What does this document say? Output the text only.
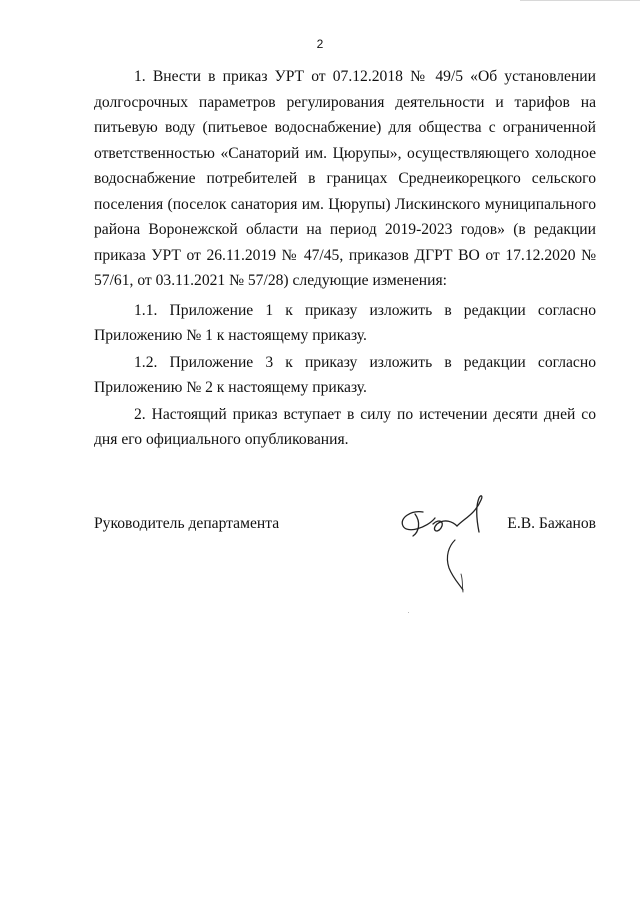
2

1. Внести в приказ УРТ от 07.12.2018 № 49/5 «Об установлении долгосрочных параметров регулирования деятельности и тарифов на питьевую воду (питьевое водоснабжение) для общества с ограниченной ответственностью «Санаторий им. Цюрупы», осуществляющего холодное водоснабжение потребителей в границах Среднеикорецкого сельского поселения (поселок санатория им. Цюрупы) Лискинского муниципального района Воронежской области на период 2019-2023 годов» (в редакции приказа УРТ от 26.11.2019 № 47/45, приказов ДГРТ ВО от 17.12.2020 № 57/61, от 03.11.2021 № 57/28) следующие изменения:

1.1. Приложение 1 к приказу изложить в редакции согласно Приложению № 1 к настоящему приказу.

1.2. Приложение 3 к приказу изложить в редакции согласно Приложению № 2 к настоящему приказу.

2. Настоящий приказ вступает в силу по истечении десяти дней со дня его официального опубликования.

Руководитель департамента	Е.В. Бажанов
